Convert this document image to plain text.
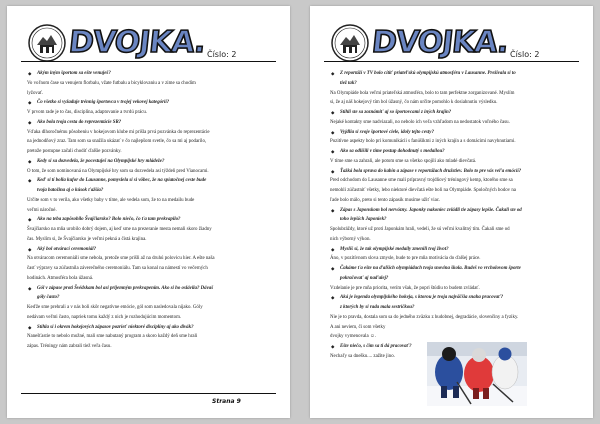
DVOJKA. Číslo: 2
◆ Akým iným športom sa ešte venuješ?
Vo voľnom čase sa venujem florbalu, vžate futbalu a bicyklovaniu a v zime sa chodím
lyžovať.
◆ Čo všetko si vyžaduje trénnig športovca v tvojej vekovej kategórii?
V prvom rade je to čas, disciplína, adaptovanie a tvrdú prácu.
◆ Ako bola tvoja cesta do reprezentácie SR?
Vďaka dlhoročnému pôsobeniu v hokejovom klube mi prišla prvá pozvánka do reprezentácie
na jednodňový zraz. Tam som sa snažila ukázať v čo najlepšom svetle, čo sa mi aj podarilo,
pretože postupne začali chodiť ďalšie pozvánky.
◆ Kedy si sa dozvedela, že pocestuješ na Olympijské hry mládeže?
O tom, že som nominovaná na Olympijské hry som sa dozvedela asi týždeň pred Vianocami.
◆ Keď si tí bolla kufor do Lausanne, pomyslela si si vôbec, že na spiatočnej ceste bude
tvoja batožina aj o kúsok ťažšia?
Určite som v to verila, ako všetky baby v tíme, ale vedela som, že to na medailu bude
veľmi náročné.
◆ Ako na teba zapôsobilo Švajčiarsko? Bolo niečo, čo ťa tam prekvapilo?
Švajčiarsko na mňa urobilo dobrý dojem, aj keď sme na prezeranie mesta nemali skoro žiadny
čas. Myslím si, že Švajčiarsko je veľmi pekná a čistá krajina.
◆ Aký bol otvárací ceremoniál?
Na otváracom ceremoniáli sme nebola, pretože sme prišli až na druhú polovicu hier. A ešte naša
časť výpravy sa zúčastnila záverečného ceremoniálu. Tam sa konal na námestí vo večerných
hodinách. Atmosféra bola úžasná.
◆ Gól v zápase proti Švédskam bol asi prijemným prekvapením. Ako si ho oslávila? Dávaš
góly často?
Keďže sme prehrali a v nás boli skôr negatívne emócie, gól som nasledovala nijako. Góly
nedávam veľmi často, napriek tomu každý z nich je rozhodujúcim momentom.
◆ Stihla si i okrem hokejových zápasov pozrieť niektoré disciplíny aj ako divák?
Nanešťastie to nebolo možné, mali sme nabutaný program a skoro každý deň sme hrali
zápas. Tréningy nám zabrali tiež veľa času.
Strana 9
DVOJKA. Číslo: 2
◆ Z reportáží v TV bolo cítiť priateľskú olympijskú atmosféru v Lausanne. Prežívala si to
tiež tak?
Na Olympiáde bola veľmi priateľská atmosféra, bolo to tam perfektne zorganizované. Myslím
si, že aj náš hokejový tím bol úžasný, čo nám určite pomohlo k dosiahnutiu výsledku.
◆ Stihli ste sa zoznámiť aj so športovcami z iných krajín?
Nejaké kontakty sme nadviazali, no nebolo ich veľa vzhľadom na nedostatok voľného času.
◆ Vyjdlia si svoje športové ciele, idoly tejto cesty?
Pozitívne aspekty bolo pri komunikácii s fanúšikmi z iných krajín a s domácimi navyhnutiami.
◆ Ako sa odlišili v tíme postup dohodnutý s medailou?
V tíme sme sa zahrali, ale potom sme sa všetko spojili ako mladé dievčatá.
◆ Ťažká bola sprava do kabín a zápase v reportážach družstiev. Bolo to pre vás veľa emócií?
Pred odchodom do Lausanne sme mali prípravný trojdňový tréningový kemp, ktorého sme sa
nemohli zúčastniť všetky, lebo niektoré dievčatá ešte boli na Olympiáde. Spoločných bodov na
ľade bolo málo, preto si tento zápasik musíme užiť viac.
◆ Zápas s Japonskom bol nervózny. Japonky nakoniec zvládli tie zápasy lepšie. Čakali ste od
toho lepších Japoniek?
Spolubráždy, ktoré už proti Japonkám hrali, vedeli, že sú veľmi kvalitný tím. Čakali sme od
nich výborný výkon.
◆ Myslíš si, že tak olympijské medaily zmenili tvoj život?
Áno, v pozitívnom slova zmysle, bude to pre mňa motivácia do ďalšej práce.
◆ Čakáme ťa ešte na ďalších olympiádach tvoja snovina škola. Budeš vo vrcholovom športe
pokračovať aj naďalej?
Vzdelanie je pre mňa priorita, verím však, že popri štúdiu to budem zvládať.
◆ Aká je legenda olympijského hokeja, s ktorou je tvoja najväčšia snaha pracovať?
z ktorých by si rada mala sestričkou?
Nie je to pravda, dostala som sa do jedného zväzku z hudobnej, degradácie, slovenčiny a fyziky.
A ani neviem, či som všetky
dvojky vymenovala ☺.
◆ Ešte niečo, s čím sa ti dá pracovať?
Nechaľy sa dnešku.... zažite jino.
